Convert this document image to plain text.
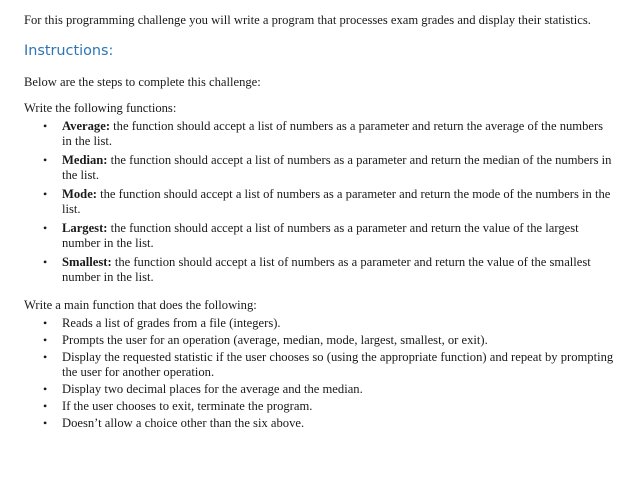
For this programming challenge you will write a program that processes exam grades and display their statistics.

Instructions:

Below are the steps to complete this challenge:

Write the following functions:

• Average: the function should accept a list of numbers as a parameter and return the average of the numbers in the list.
• Median: the function should accept a list of numbers as a parameter and return the median of the numbers in the list.
• Mode: the function should accept a list of numbers as a parameter and return the mode of the numbers in the list.
• Largest: the function should accept a list of numbers as a parameter and return the value of the largest number in the list.
• Smallest: the function should accept a list of numbers as a parameter and return the value of the smallest number in the list.

Write a main function that does the following:

• Reads a list of grades from a file (integers).
• Prompts the user for an operation (average, median, mode, largest, smallest, or exit).
• Display the requested statistic if the user chooses so (using the appropriate function) and repeat by prompting the user for another operation.
• Display two decimal places for the average and the median.
• If the user chooses to exit, terminate the program.
• Doesn’t allow a choice other than the six above.
